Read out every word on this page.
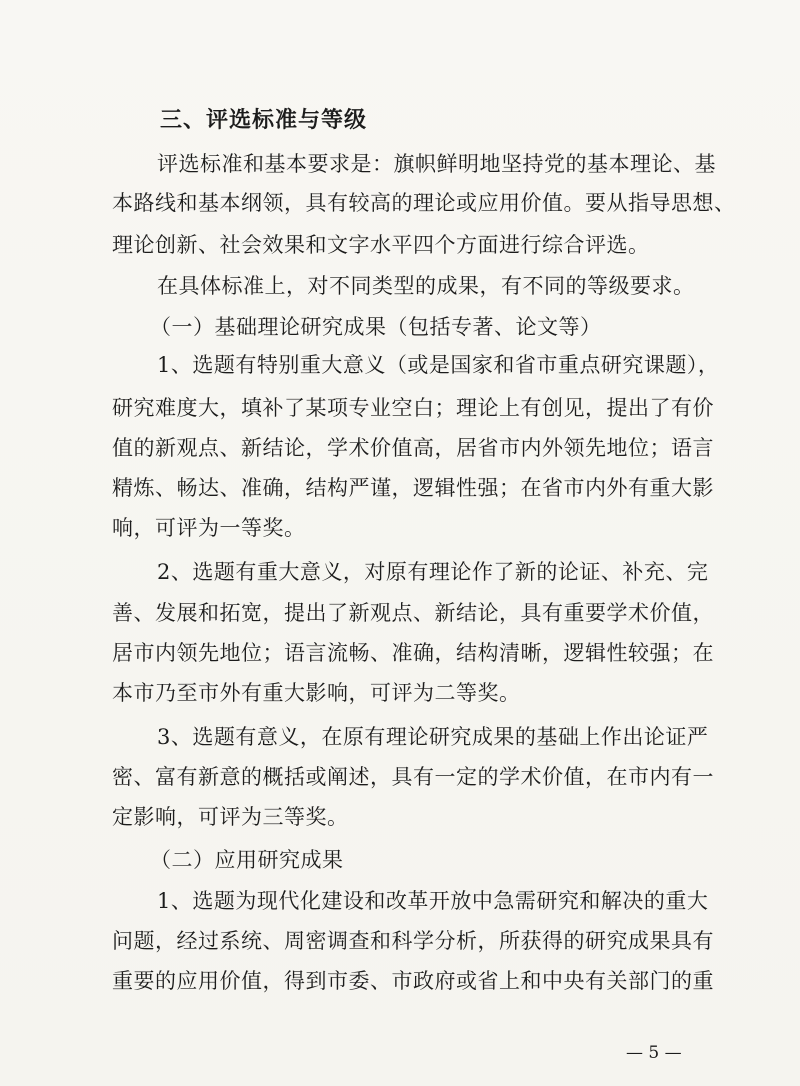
三、评选标准与等级
评选标准和基本要求是：旗帜鲜明地坚持党的基本理论、基
本路线和基本纲领，具有较高的理论或应用价值。要从指导思想、
理论创新、社会效果和文字水平四个方面进行综合评选。
在具体标准上，对不同类型的成果，有不同的等级要求。
（一）基础理论研究成果（包括专著、论文等）
1、选题有特别重大意义（或是国家和省市重点研究课题），
研究难度大，填补了某项专业空白；理论上有创见，提出了有价
值的新观点、新结论，学术价值高，居省市内外领先地位；语言
精炼、畅达、准确，结构严谨，逻辑性强；在省市内外有重大影
响，可评为一等奖。
2、选题有重大意义，对原有理论作了新的论证、补充、完
善、发展和拓宽，提出了新观点、新结论，具有重要学术价值，
居市内领先地位；语言流畅、准确，结构清晰，逻辑性较强；在
本市乃至市外有重大影响，可评为二等奖。
3、选题有意义，在原有理论研究成果的基础上作出论证严
密、富有新意的概括或阐述，具有一定的学术价值，在市内有一
定影响，可评为三等奖。
（二）应用研究成果
1、选题为现代化建设和改革开放中急需研究和解决的重大
问题，经过系统、周密调查和科学分析，所获得的研究成果具有
重要的应用价值，得到市委、市政府或省上和中央有关部门的重
— 5 —
